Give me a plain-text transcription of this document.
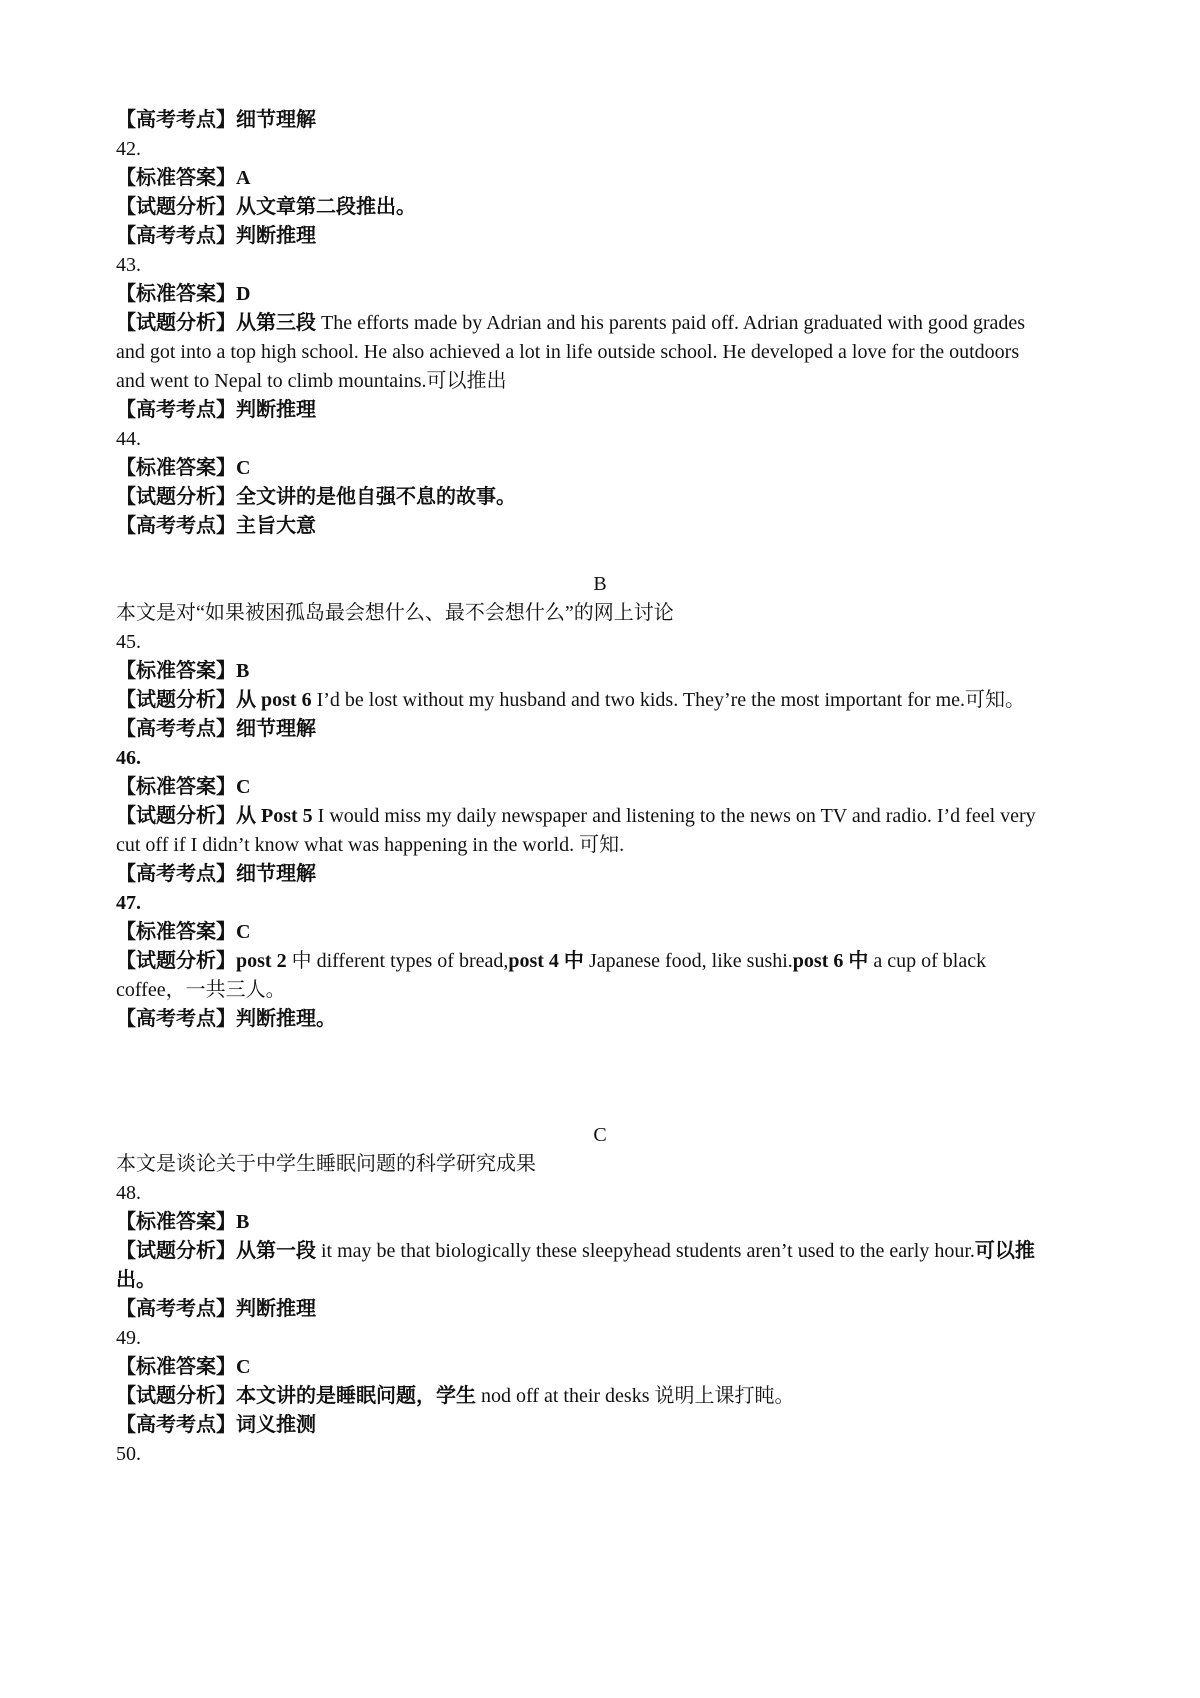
【高考考点】细节理解
42.
【标准答案】A
【试题分析】从文章第二段推出。
【高考考点】判断推理
43.
【标准答案】D
【试题分析】从第三段 The efforts made by Adrian and his parents paid off. Adrian graduated with good grades
and got into a top high school. He also achieved a lot in life outside school. He developed a love for the outdoors
and went to Nepal to climb mountains.可以推出
【高考考点】判断推理
44.
【标准答案】C
【试题分析】全文讲的是他自强不息的故事。
【高考考点】主旨大意
B
本文是对“如果被困孤岛最会想什么、最不会想什么”的网上讨论
45.
【标准答案】B
【试题分析】从 post 6 I’d be lost without my husband and two kids. They’re the most important for me.可知。
【高考考点】细节理解
46.
【标准答案】C
【试题分析】从 Post 5 I would miss my daily newspaper and listening to the news on TV and radio. I’d feel very
cut off if I didn’t know what was happening in the world. 可知.
【高考考点】细节理解
47.
【标准答案】C
【试题分析】post 2 中 different types of bread,post 4 中 Japanese food, like sushi.post 6 中 a cup of black
coffee，一共三人。
【高考考点】判断推理。
C
本文是谈论关于中学生睡眠问题的科学研究成果
48.
【标准答案】B
【试题分析】从第一段 it may be that biologically these sleepyhead students aren’t used to the early hour.可以推
出。
【高考考点】判断推理
49.
【标准答案】C
【试题分析】本文讲的是睡眠问题，学生 nod off at their desks 说明上课打盹。
【高考考点】词义推测
50.
